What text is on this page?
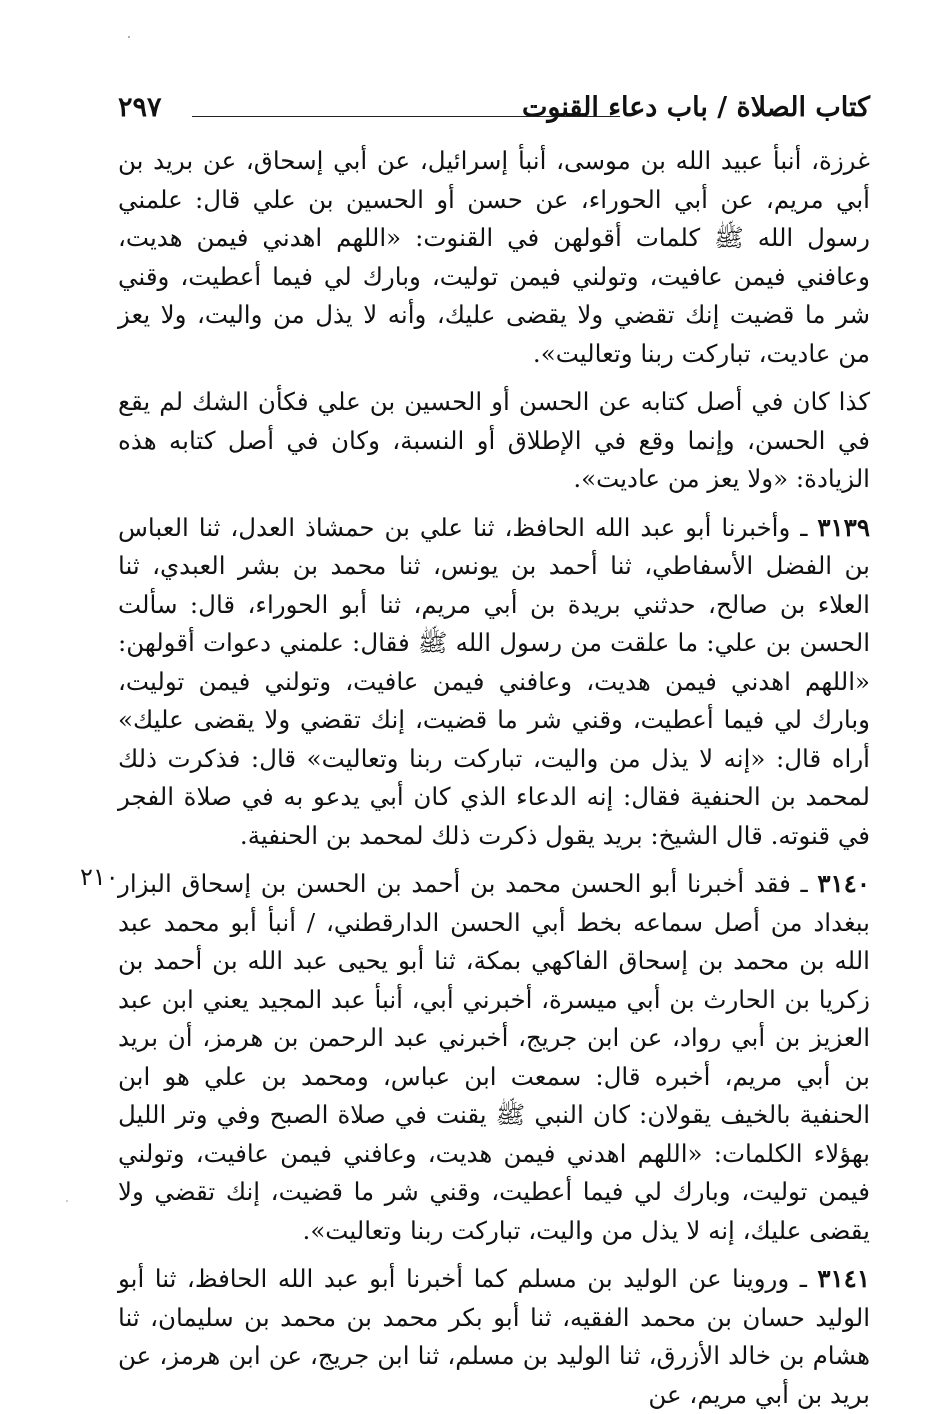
كتاب الصلاة / باب دعاء القنوت
٢٩٧
٢١٠

غرزة، أنبأ عبيد الله بن موسى، أنبأ إسرائيل، عن أبي إسحاق، عن بريد بن أبي مريم، عن أبي الحوراء، عن حسن أو الحسين بن علي قال: علمني رسول الله ﷺ كلمات أقولهن في القنوت: «اللهم اهدني فيمن هديت، وعافني فيمن عافيت، وتولني فيمن توليت، وبارك لي فيما أعطيت، وقني شر ما قضيت إنك تقضي ولا يقضى عليك، وأنه لا يذل من واليت، ولا يعز من عاديت، تباركت ربنا وتعاليت».

كذا كان في أصل كتابه عن الحسن أو الحسين بن علي فكأن الشك لم يقع في الحسن، وإنما وقع في الإطلاق أو النسبة، وكان في أصل كتابه هذه الزيادة: «ولا يعز من عاديت».

٣١٣٩ ـ وأخبرنا أبو عبد الله الحافظ، ثنا علي بن حمشاذ العدل، ثنا العباس بن الفضل الأسفاطي، ثنا أحمد بن يونس، ثنا محمد بن بشر العبدي، ثنا العلاء بن صالح، حدثني بريدة بن أبي مريم، ثنا أبو الحوراء، قال: سألت الحسن بن علي: ما علقت من رسول الله ﷺ فقال: علمني دعوات أقولهن: «اللهم اهدني فيمن هديت، وعافني فيمن عافيت، وتولني فيمن توليت، وبارك لي فيما أعطيت، وقني شر ما قضيت، إنك تقضي ولا يقضى عليك» أراه قال: «إنه لا يذل من واليت، تباركت ربنا وتعاليت» قال: فذكرت ذلك لمحمد بن الحنفية فقال: إنه الدعاء الذي كان أبي يدعو به في صلاة الفجر في قنوته. قال الشيخ: بريد يقول ذكرت ذلك لمحمد بن الحنفية.

٣١٤٠ ـ فقد أخبرنا أبو الحسن محمد بن أحمد بن الحسن بن إسحاق البزار ببغداد من أصل سماعه بخط أبي الحسن الدارقطني، / أنبأ أبو محمد عبد الله بن محمد بن إسحاق الفاكهي بمكة، ثنا أبو يحيى عبد الله بن أحمد بن زكريا بن الحارث بن أبي ميسرة، أخبرني أبي، أنبأ عبد المجيد يعني ابن عبد العزيز بن أبي رواد، عن ابن جريج، أخبرني عبد الرحمن بن هرمز، أن بريد بن أبي مريم، أخبره قال: سمعت ابن عباس، ومحمد بن علي هو ابن الحنفية بالخيف يقولان: كان النبي ﷺ يقنت في صلاة الصبح وفي وتر الليل بهؤلاء الكلمات: «اللهم اهدني فيمن هديت، وعافني فيمن عافيت، وتولني فيمن توليت، وبارك لي فيما أعطيت، وقني شر ما قضيت، إنك تقضي ولا يقضى عليك، إنه لا يذل من واليت، تباركت ربنا وتعاليت».

٣١٤١ ـ وروينا عن الوليد بن مسلم كما أخبرنا أبو عبد الله الحافظ، ثنا أبو الوليد حسان بن محمد الفقيه، ثنا أبو بكر محمد بن محمد بن سليمان، ثنا هشام بن خالد الأزرق، ثنا الوليد بن مسلم، ثنا ابن جريج، عن ابن هرمز، عن بريد بن أبي مريم، عن
